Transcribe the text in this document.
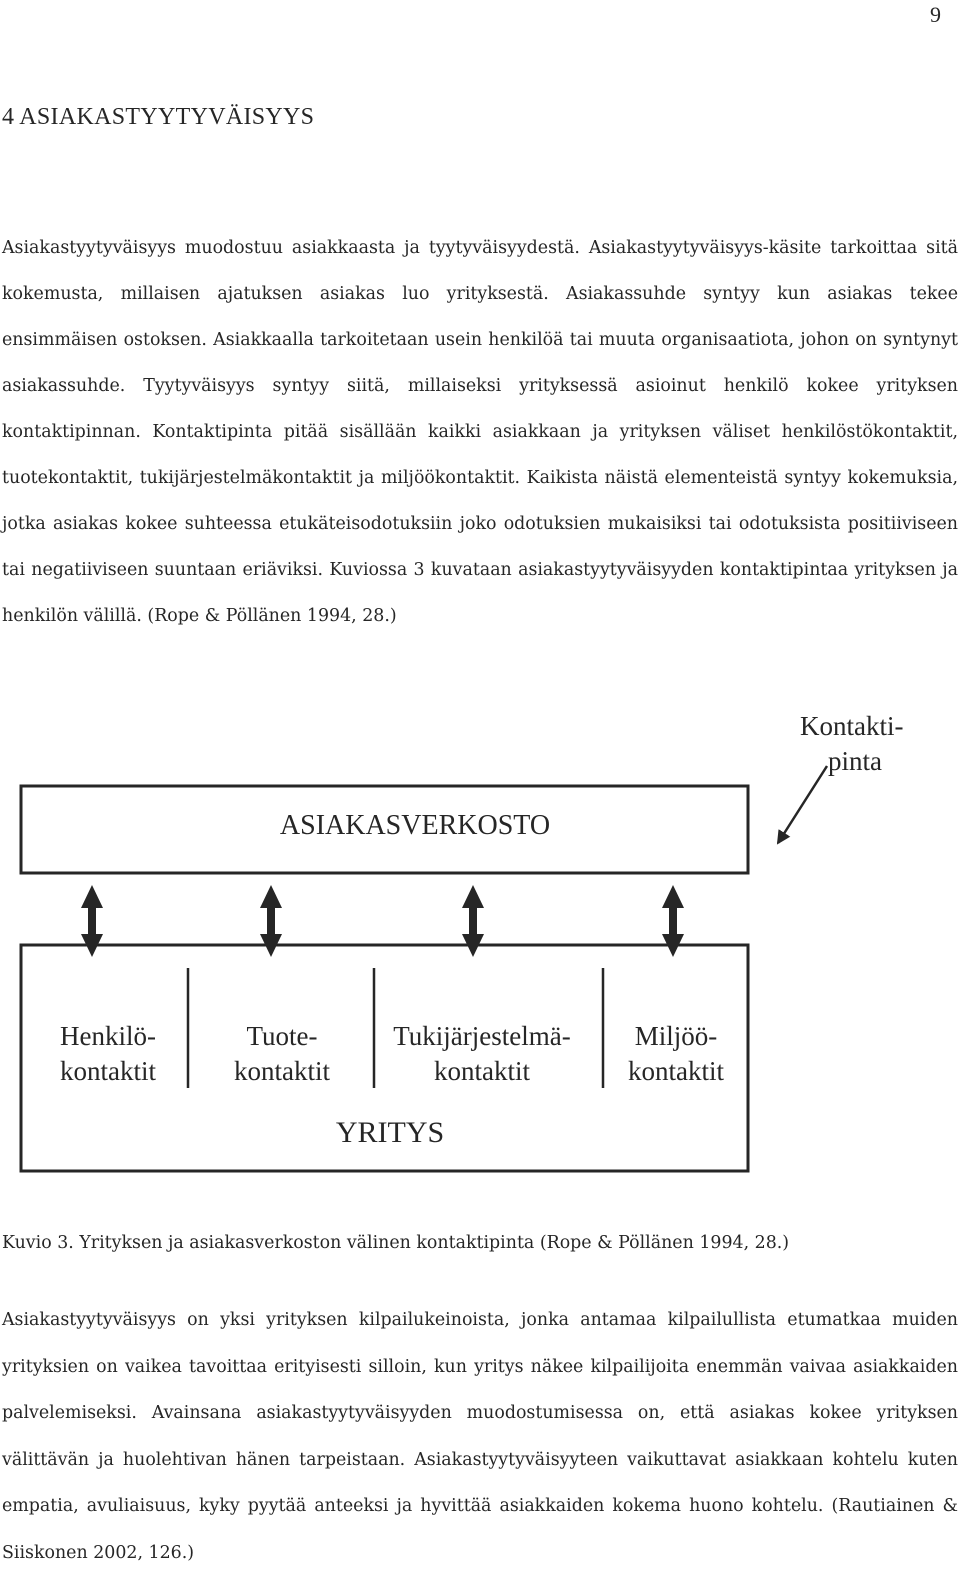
9
4 ASIAKASTYYTYVÄISYYS

Asiakastyytyväisyys muodostuu asiakkaasta ja tyytyväisyydestä. Asiakastyytyväisyys-käsite tarkoittaa sitä kokemusta, millaisen ajatuksen asiakas luo yrityksestä. Asiakassuhde syntyy kun asiakas tekee ensimmäisen ostoksen. Asiakkaalla tarkoitetaan usein henkilöä tai muuta organisaatiota, johon on syntynyt asiakassuhde. Tyytyväisyys syntyy siitä, millaiseksi yrityksessä asioinut henkilö kokee yrityksen kontaktipinnan. Kontaktipinta pitää sisällään kaikki asiakkaan ja yrityksen väliset henkilöstökontaktit, tuotekontaktit, tukijärjestelmäkontaktit ja miljöökontaktit. Kaikista näistä elementeistä syntyy kokemuksia, jotka asiakas kokee suhteessa etukäteisodotuksiin joko odotuksien mukaisiksi tai odotuksista positiiviseen tai negatiiviseen suuntaan eriäviksi. Kuviossa 3 kuvataan asiakastyytyväisyyden kontaktipintaa yrityksen ja henkilön välillä. (Rope & Pöllänen 1994, 28.)

Kontakti-
pinta
ASIAKASVERKOSTO
Henkilö-
kontaktit
Tuote-
kontaktit
Tukijärjestelmä-
kontaktit
Miljöö-
kontaktit
YRITYS
Kuvio 3. Yrityksen ja asiakasverkoston välinen kontaktipinta (Rope & Pöllänen 1994, 28.)

Asiakastyytyväisyys on yksi yrityksen kilpailukeinoista, jonka antamaa kilpailullista etumatkaa muiden yrityksien on vaikea tavoittaa erityisesti silloin, kun yritys näkee kilpailijoita enemmän vaivaa asiakkaiden palvelemiseksi. Avainsana asiakastyytyväisyyden muodostumisessa on, että asiakas kokee yrityksen välittävän ja huolehtivan hänen tarpeistaan. Asiakastyytyväisyyteen vaikuttavat asiakkaan kohtelu kuten empatia, avuliaisuus, kyky pyytää anteeksi ja hyvittää asiakkaiden kokema huono kohtelu. (Rautiainen & Siiskonen 2002, 126.)
